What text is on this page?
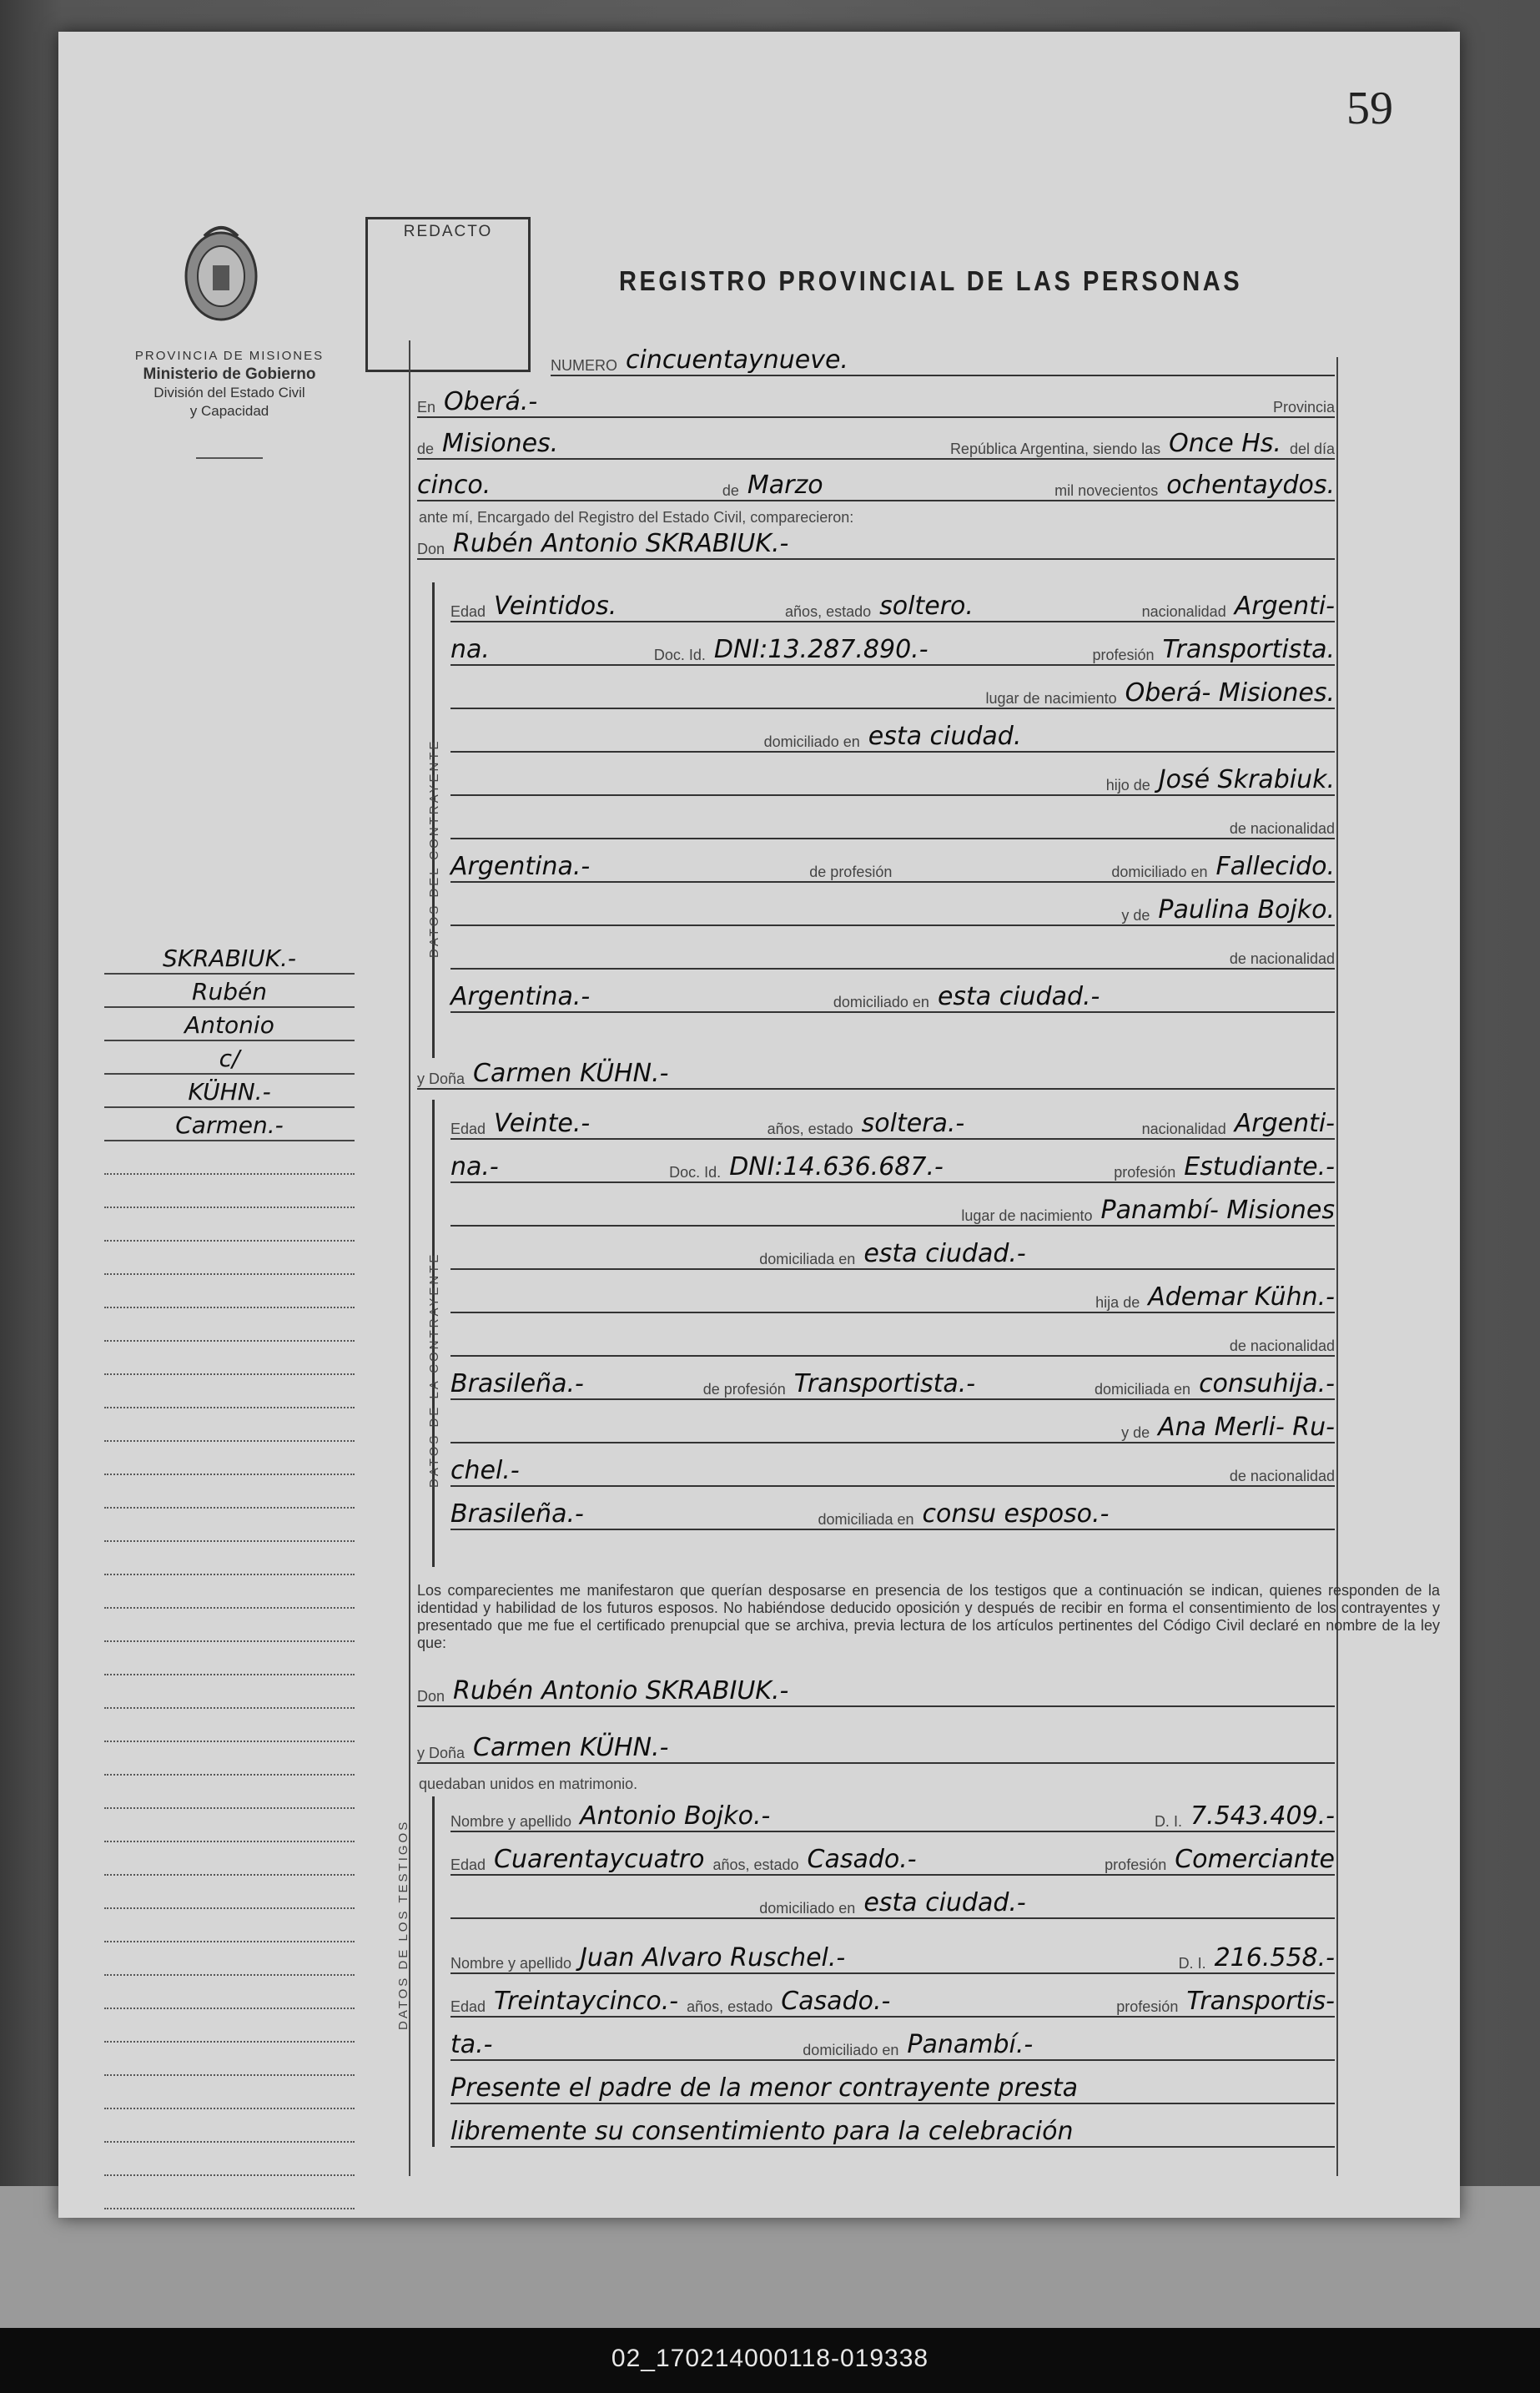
02_170214000118-019338
59
PROVINCIA DE MISIONES
Ministerio de Gobierno
División del Estado Civil
y Capacidad
REDACTO
REGISTRO PROVINCIAL DE LAS PERSONAS
SKRABIUK.-
Rubén
Antonio
c/
KÜHN.-
Carmen.-
NUMERO cincuentaynueve.
En Oberá.-	Provincia
de Misiones.	República Argentina, siendo las Once Hs. del día
cinco.	de Marzo	mil novecientos ochentaydos.
ante mí, Encargado del Registro del Estado Civil, comparecieron:
Don Rubén Antonio SKRABIUK.-
DATOS DEL CONTRAYENTE
Edad Veintidos.	años, estado soltero.	nacionalidad Argenti-
na.	Doc. Id. DNI:13.287.890.-	profesión Transportista.
lugar de nacimiento Oberá- Misiones.
domiciliado en esta ciudad.
hijo de José Skrabiuk.
de nacionalidad
Argentina.-	de profesión	domiciliado en Fallecido.
y de Paulina Bojko.
de nacionalidad
Argentina.-	domiciliado en esta ciudad.-
y Doña Carmen KÜHN.-
DATOS DE LA CONTRAYENTE
Edad Veinte.-	años, estado soltera.-	nacionalidad Argenti-
na.-	Doc. Id. DNI:14.636.687.-	profesión Estudiante.-
lugar de nacimiento Panambí- Misiones
domiciliada en esta ciudad.-
hija de Ademar Kühn.-
de nacionalidad
Brasileña.-	de profesión Transportista.-	domiciliada en consuhija.-
y de Ana Merli- Ru-
chel.-	de nacionalidad
Brasileña.-	domiciliada en consu esposo.-
Los comparecientes me manifestaron que querían desposarse en presencia de los testigos que a continuación se indican, quienes responden de la identidad y habilidad de los futuros esposos. No habiéndose deducido oposición y después de recibir en forma el consentimiento de los contrayentes y presentado que me fue el certificado prenupcial que se archiva, previa lectura de los artículos pertinentes del Código Civil declaré en nombre de la ley que:
Don Rubén Antonio SKRABIUK.-
y Doña Carmen KÜHN.-
quedaban unidos en matrimonio.
DATOS DE LOS TESTIGOS	Nombre y apellido Antonio Bojko.-	D. I. 7.543.409.-
Edad Cuarentaycuatro años, estado Casado.-	profesión Comerciante
domiciliado en esta ciudad.-
Nombre y apellido Juan Alvaro Ruschel.-	D. I. 216.558.-
Edad Treintaycinco.- años, estado Casado.-	profesión Transportis-
ta.-	domiciliado en Panambí.-
Presente el padre de la menor contrayente presta
libremente su consentimiento para la celebración
